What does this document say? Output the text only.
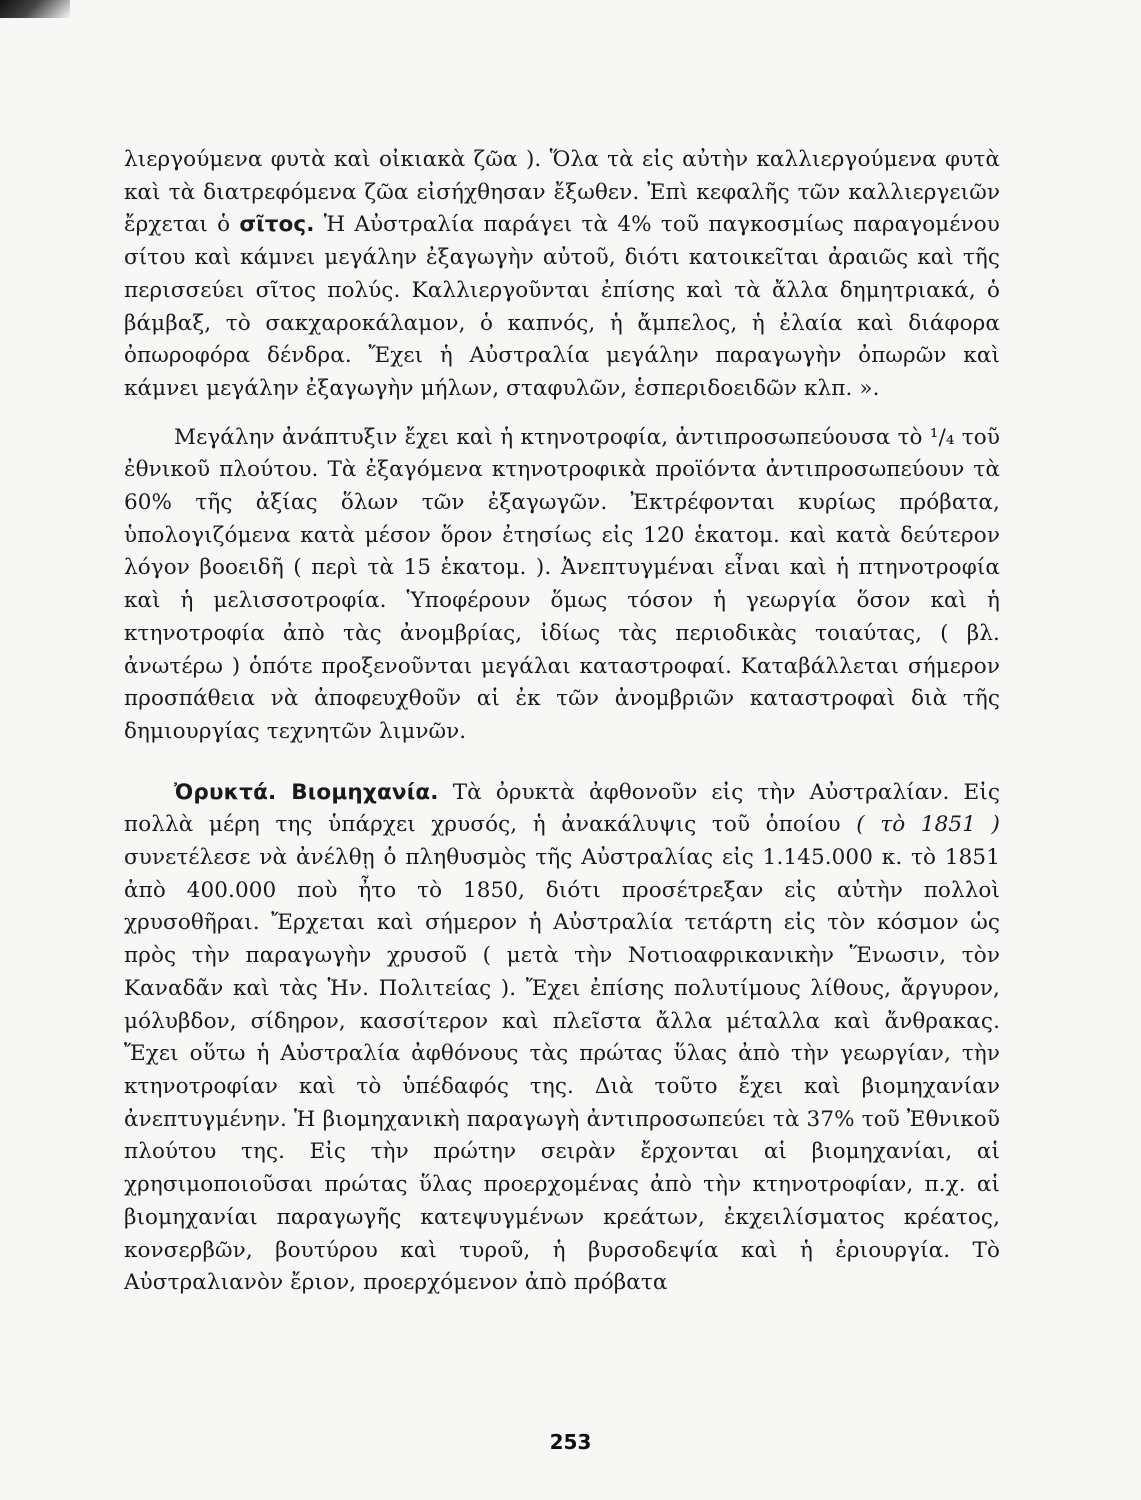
λιεργούμενα φυτὰ καὶ οἰκιακὰ ζῶα ). Ὅλα τὰ εἰς αὐτὴν καλλιεργούμενα φυτὰ καὶ τὰ διατρεφόμενα ζῶα εἰσήχθησαν ἔξωθεν. Ἐπὶ κεφαλῆς τῶν καλλιεργειῶν ἔρχεται ὁ σῖτος. Ἡ Αὐστραλία παράγει τὰ 4% τοῦ παγκοσμίως παραγομένου σίτου καὶ κάμνει μεγάλην ἐξαγωγὴν αὐτοῦ, διότι κατοικεῖται ἀραιῶς καὶ τῆς περισσεύει σῖτος πολύς. Καλλιεργοῦνται ἐπίσης καὶ τὰ ἄλλα δημητριακά, ὁ βάμβαξ, τὸ σακχαροκάλαμον, ὁ καπνός, ἡ ἄμπελος, ἡ ἐλαία καὶ διάφορα ὀπωροφόρα δένδρα. Ἔχει ἡ Αὐστραλία μεγάλην παραγωγὴν ὀπωρῶν καὶ κάμνει μεγάλην ἐξαγωγὴν μήλων, σταφυλῶν, ἑσπεριδοειδῶν κλπ. ».

Μεγάλην ἀνάπτυξιν ἔχει καὶ ἡ κτηνοτροφία, ἀντιπροσωπεύουσα τὸ ¹/₄ τοῦ ἐθνικοῦ πλούτου. Τὰ ἐξαγόμενα κτηνοτροφικὰ προϊόντα ἀντιπροσωπεύουν τὰ 60% τῆς ἀξίας ὅλων τῶν ἐξαγωγῶν. Ἐκτρέφονται κυρίως πρόβατα, ὑπολογιζόμενα κατὰ μέσον ὅρον ἐτησίως εἰς 120 ἑκατομ. καὶ κατὰ δεύτερον λόγον βοοειδῆ ( περὶ τὰ 15 ἑκατομ. ). Ἀνεπτυγμέναι εἶναι καὶ ἡ πτηνοτροφία καὶ ἡ μελισσοτροφία. Ὑποφέρουν ὅμως τόσον ἡ γεωργία ὅσον καὶ ἡ κτηνοτροφία ἀπὸ τὰς ἀνομβρίας, ἰδίως τὰς περιοδικὰς τοιαύτας, ( βλ. ἀνωτέρω ) ὁπότε προξενοῦνται μεγάλαι καταστροφαί. Καταβάλλεται σήμερον προσπάθεια νὰ ἀποφευχθοῦν αἱ ἐκ τῶν ἀνομβριῶν καταστροφαὶ διὰ τῆς δημιουργίας τεχνητῶν λιμνῶν.

Ὀρυκτά. Βιομηχανία. Τὰ ὀρυκτὰ ἀφθονοῦν εἰς τὴν Αὐστραλίαν. Εἰς πολλὰ μέρη της ὑπάρχει χρυσός, ἡ ἀνακάλυψις τοῦ ὁποίου ( τὸ 1851 ) συνετέλεσε νὰ ἀνέλθῃ ὁ πληθυσμὸς τῆς Αὐστραλίας εἰς 1.145.000 κ. τὸ 1851 ἀπὸ 400.000 ποὺ ἦτο τὸ 1850, διότι προσέτρεξαν εἰς αὐτὴν πολλοὶ χρυσοθῆραι. Ἔρχεται καὶ σήμερον ἡ Αὐστραλία τετάρτη εἰς τὸν κόσμον ὡς πρὸς τὴν παραγωγὴν χρυσοῦ ( μετὰ τὴν Νοτιοαφρικανικὴν Ἕνωσιν, τὸν Καναδᾶν καὶ τὰς Ἡν. Πολιτείας ). Ἔχει ἐπίσης πολυτίμους λίθους, ἄργυρον, μόλυβδον, σίδηρον, κασσίτερον καὶ πλεῖστα ἄλλα μέταλλα καὶ ἄνθρακας. Ἔχει οὕτω ἡ Αὐστραλία ἀφθόνους τὰς πρώτας ὕλας ἀπὸ τὴν γεωργίαν, τὴν κτηνοτροφίαν καὶ τὸ ὑπέδαφός της. Διὰ τοῦτο ἔχει καὶ βιομηχανίαν ἀνεπτυγμένην. Ἡ βιομηχανικὴ παραγωγὴ ἀντιπροσωπεύει τὰ 37% τοῦ Ἐθνικοῦ πλούτου της. Εἰς τὴν πρώτην σειρὰν ἔρχονται αἱ βιομηχανίαι, αἱ χρησιμοποιοῦσαι πρώτας ὕλας προερχομένας ἀπὸ τὴν κτηνοτροφίαν, π.χ. αἱ βιομηχανίαι παραγωγῆς κατεψυγμένων κρεάτων, ἐκχειλίσματος κρέατος, κονσερβῶν, βουτύρου καὶ τυροῦ, ἡ βυρσοδεψία καὶ ἡ ἐριουργία. Τὸ Αὐστραλιανὸν ἔριον, προερχόμενον ἀπὸ πρόβατα

253
